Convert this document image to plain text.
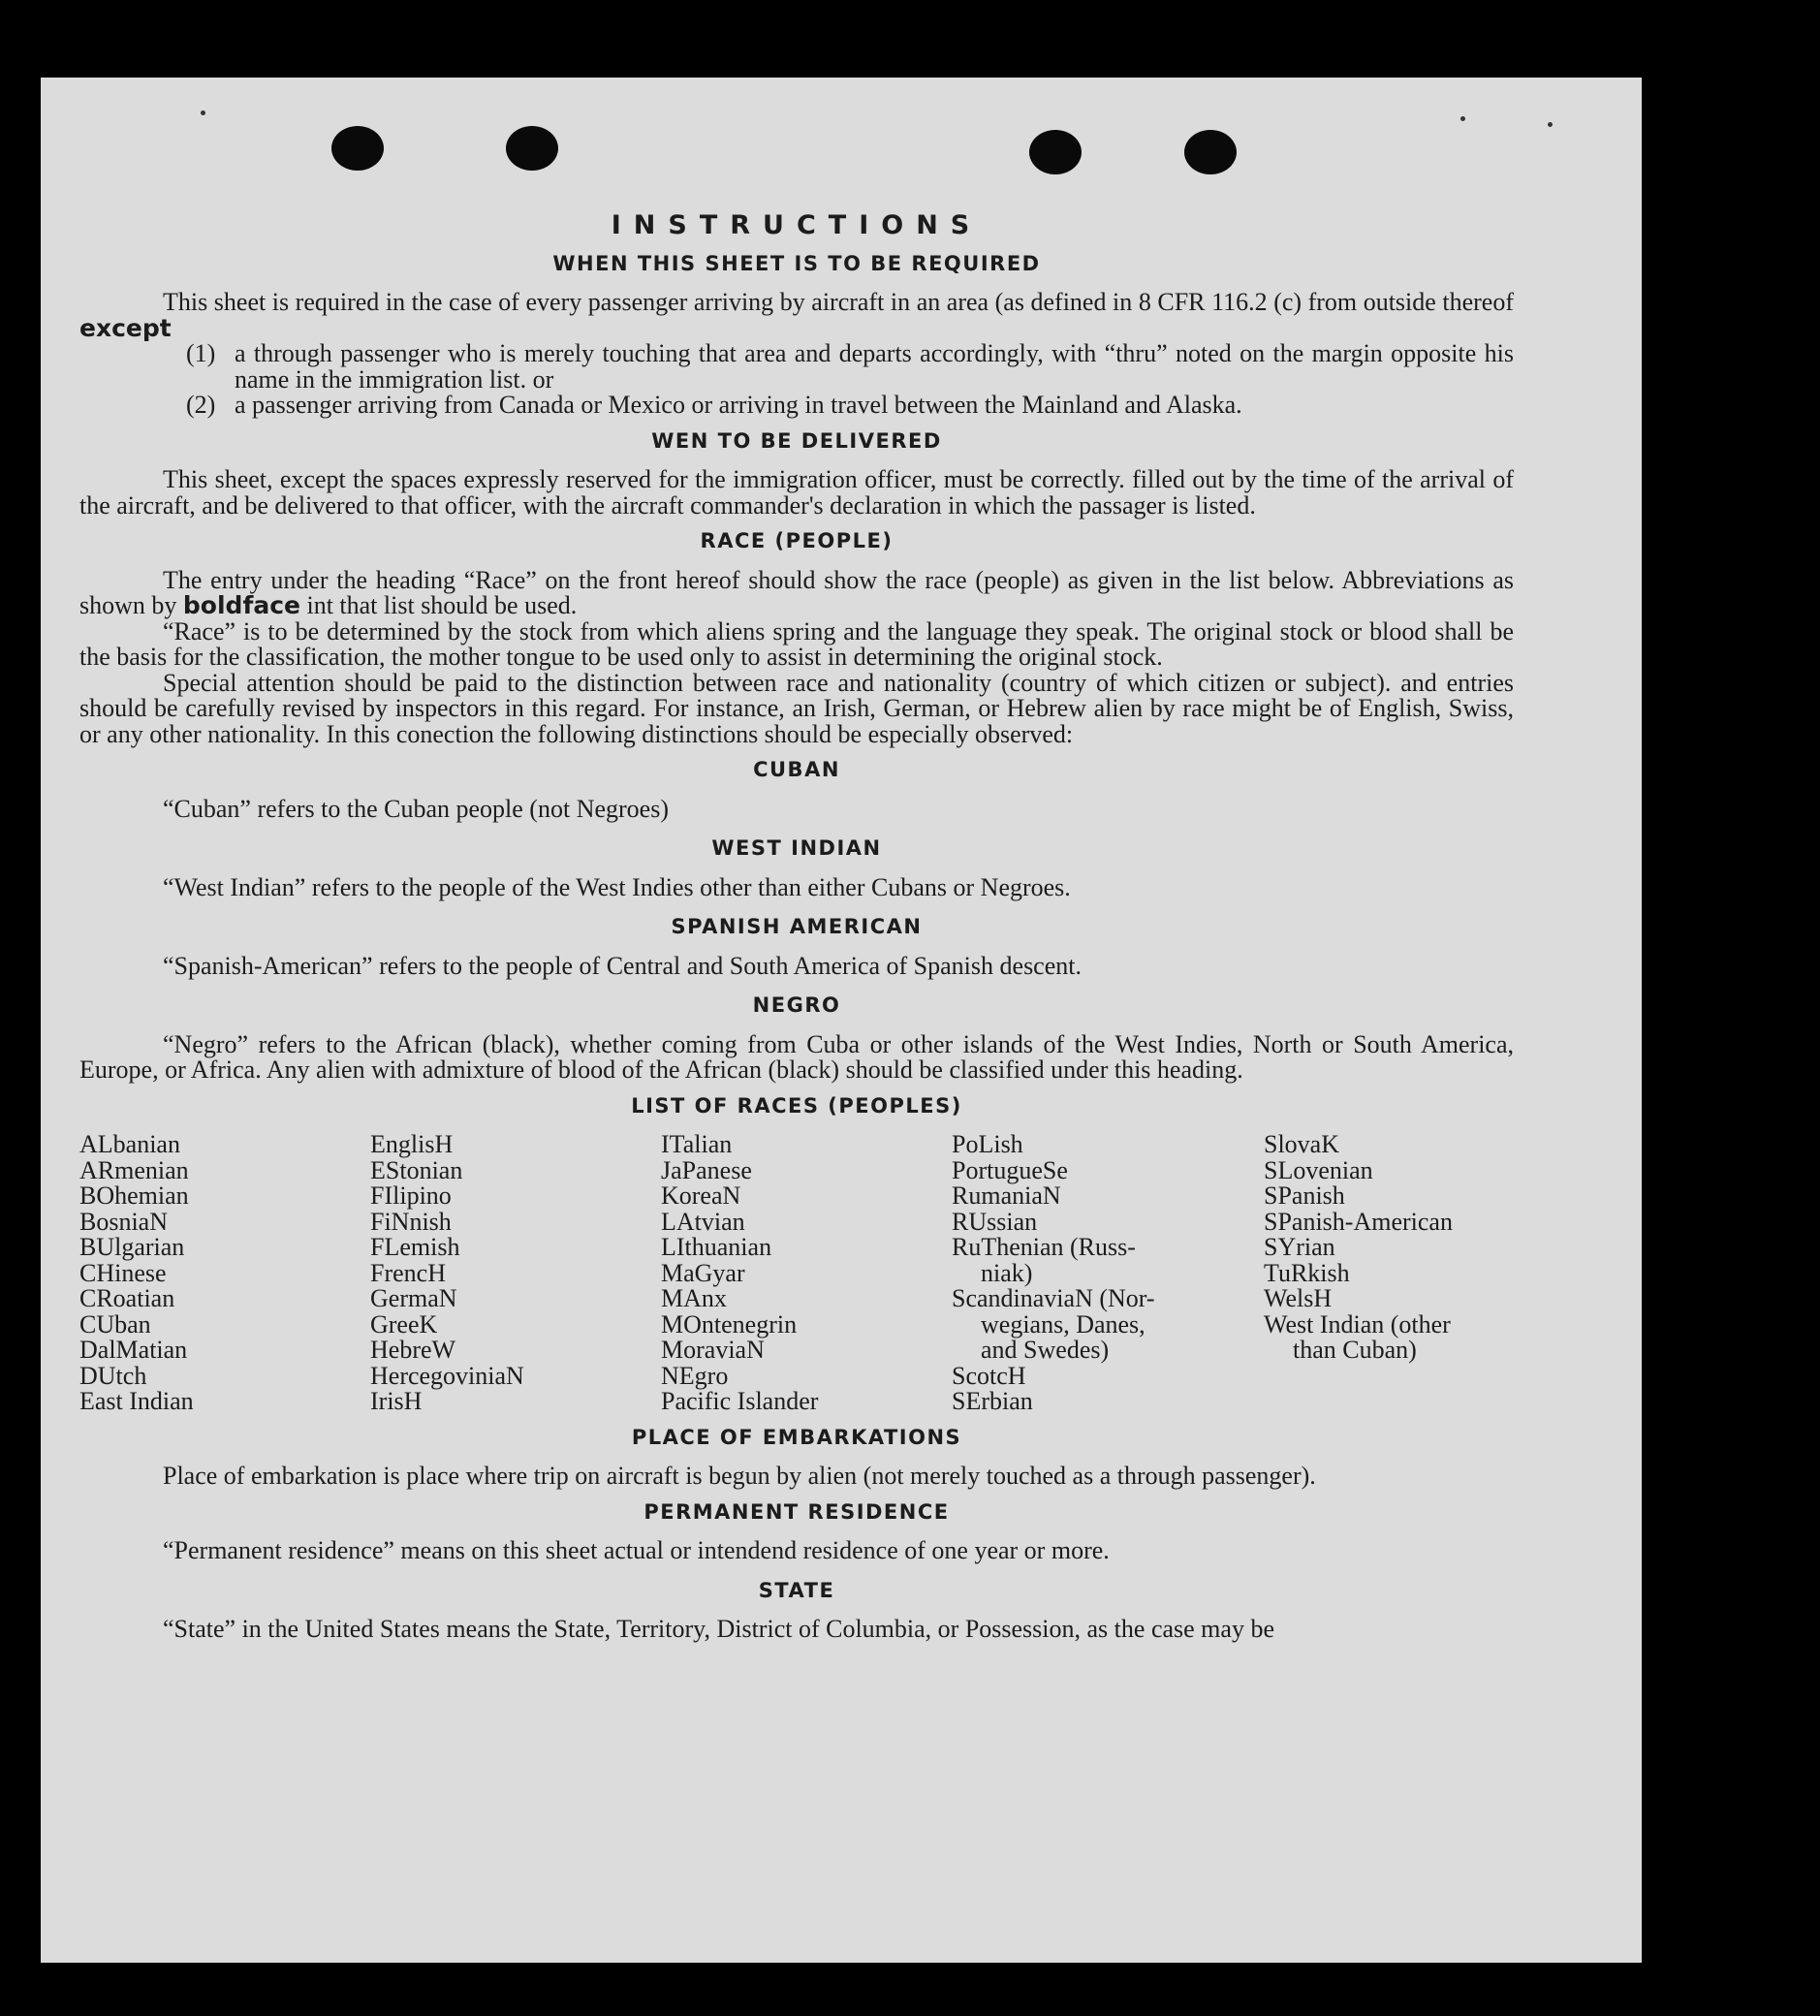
INSTRUCTIONS
WHEN THIS SHEET IS TO BE REQUIRED
This sheet is required in the case of every passenger arriving by aircraft in an area (as defined in 8 CFR 116.2 (c) from outside thereof except
(1) a through passenger who is merely touching that area and departs accordingly, with “thru” noted on the margin opposite his name in the immigration list. or
(2) a passenger arriving from Canada or Mexico or arriving in travel between the Mainland and Alaska.
WEN TO BE DELIVERED
This sheet, except the spaces expressly reserved for the immigration officer, must be correctly. filled out by the time of the arrival of the aircraft, and be delivered to that officer, with the aircraft commander's declaration in which the passager is listed.
RACE (PEOPLE)
The entry under the heading “Race” on the front hereof should show the race (people) as given in the list below. Abbreviations as shown by boldface int that list should be used.
“Race” is to be determined by the stock from which aliens spring and the language they speak. The original stock or blood shall be the basis for the classification, the mother tongue to be used only to assist in determining the original stock.
Special attention should be paid to the distinction between race and nationality (country of which citizen or subject). and entries should be carefully revised by inspectors in this regard. For instance, an Irish, German, or Hebrew alien by race might be of English, Swiss, or any other nationality. In this conection the following distinctions should be especially observed:
CUBAN
“Cuban” refers to the Cuban people (not Negroes)
WEST INDIAN
“West Indian” refers to the people of the West Indies other than either Cubans or Negroes.
SPANISH AMERICAN
“Spanish-American” refers to the people of Central and South America of Spanish descent.
NEGRO
“Negro” refers to the African (black), whether coming from Cuba or other islands of the West Indies, North or South America, Europe, or Africa. Any alien with admixture of blood of the African (black) should be classified under this heading.
LIST OF RACES (PEOPLES)
ALbanian
ARmenian
BOhemian
BosniaN
BUlgarian
CHinese
CRoatian
CUban
DalMatian
DUtch
East Indian
EnglisH
EStonian
FIlipino
FiNnish
FLemish
FrencH
GermaN
GreeK
HebreW
HercegoviniaN
IrisH
ITalian
JaPanese
KoreaN
LAtvian
LIthuanian
MaGyar
MAnx
MOntenegrin
MoraviaN
NEgro
Pacific Islander
PoLish
PortugueSe
RumaniaN
RUssian
RuThenian (Russ-
niak)
ScandinaviaN (Nor-
wegians, Danes,
and Swedes)
ScotcH
SErbian
SlovaK
SLovenian
SPanish
SPanish-American
SYrian
TuRkish
WelsH
West Indian (other
than Cuban)
PLACE OF EMBARKATIONS
Place of embarkation is place where trip on aircraft is begun by alien (not merely touched as a through passenger).
PERMANENT RESIDENCE
“Permanent residence” means on this sheet actual or intendend residence of one year or more.
STATE
“State” in the United States means the State, Territory, District of Columbia, or Possession, as the case may be
